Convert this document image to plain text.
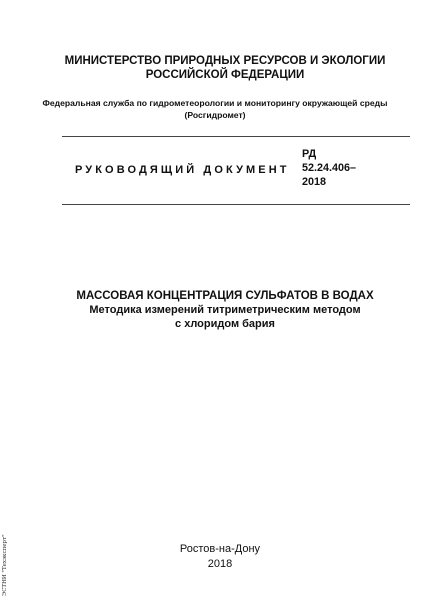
МИНИСТЕРСТВО ПРИРОДНЫХ РЕСУРСОВ И ЭКОЛОГИИ
РОССИЙСКОЙ ФЕДЕРАЦИИ

Федеральная служба по гидрометеорологии и мониторингу окружающей среды
(Росгидромет)

РУКОВОДЯЩИЙ ДОКУМЕНТ

РД
52.24.406–
2018

МАССОВАЯ КОНЦЕНТРАЦИЯ СУЛЬФАТОВ В ВОДАХ

Методика измерений титриметрическим методом
с хлоридом бария

Ростов-на-Дону

2018

ЭСТНИ "Техэксперт"
